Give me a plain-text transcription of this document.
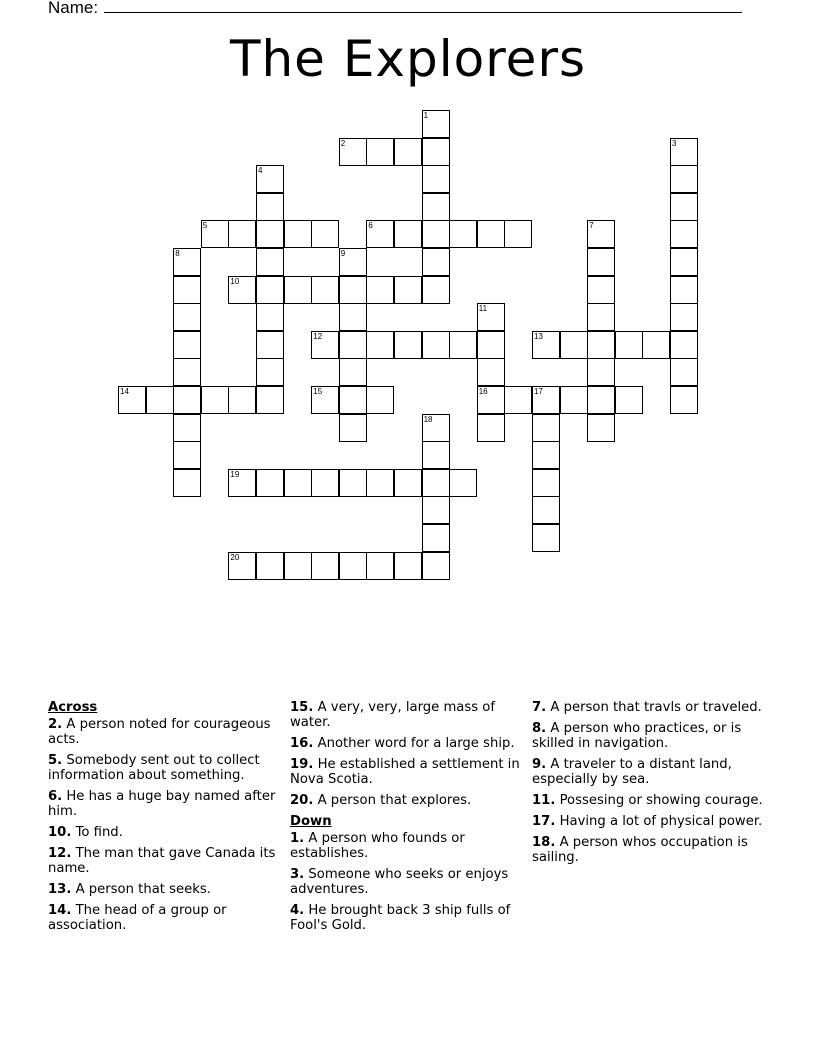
Name:
The Explorers
2
5	6
10
12	13
14	15	16	17
19
20
1
3
4
7
8	9
11
18
Across
2. A person noted for courageous acts.
5. Somebody sent out to collect information about something.
6. He has a huge bay named after him.
10. To find.
12. The man that gave Canada its name.
13. A person that seeks.
14. The head of a group or association.
15. A very, very, large mass of water.
16. Another word for a large ship.
19. He established a settlement in Nova Scotia.
20. A person that explores.
Down
1. A person who founds or establishes.
3. Someone who seeks or enjoys adventures.
4. He brought back 3 ship fulls of Fool's Gold.
7. A person that travls or traveled.
8. A person who practices, or is skilled in navigation.
9. A traveler to a distant land, especially by sea.
11. Possesing or showing courage.
17. Having a lot of physical power.
18. A person whos occupation is sailing.
